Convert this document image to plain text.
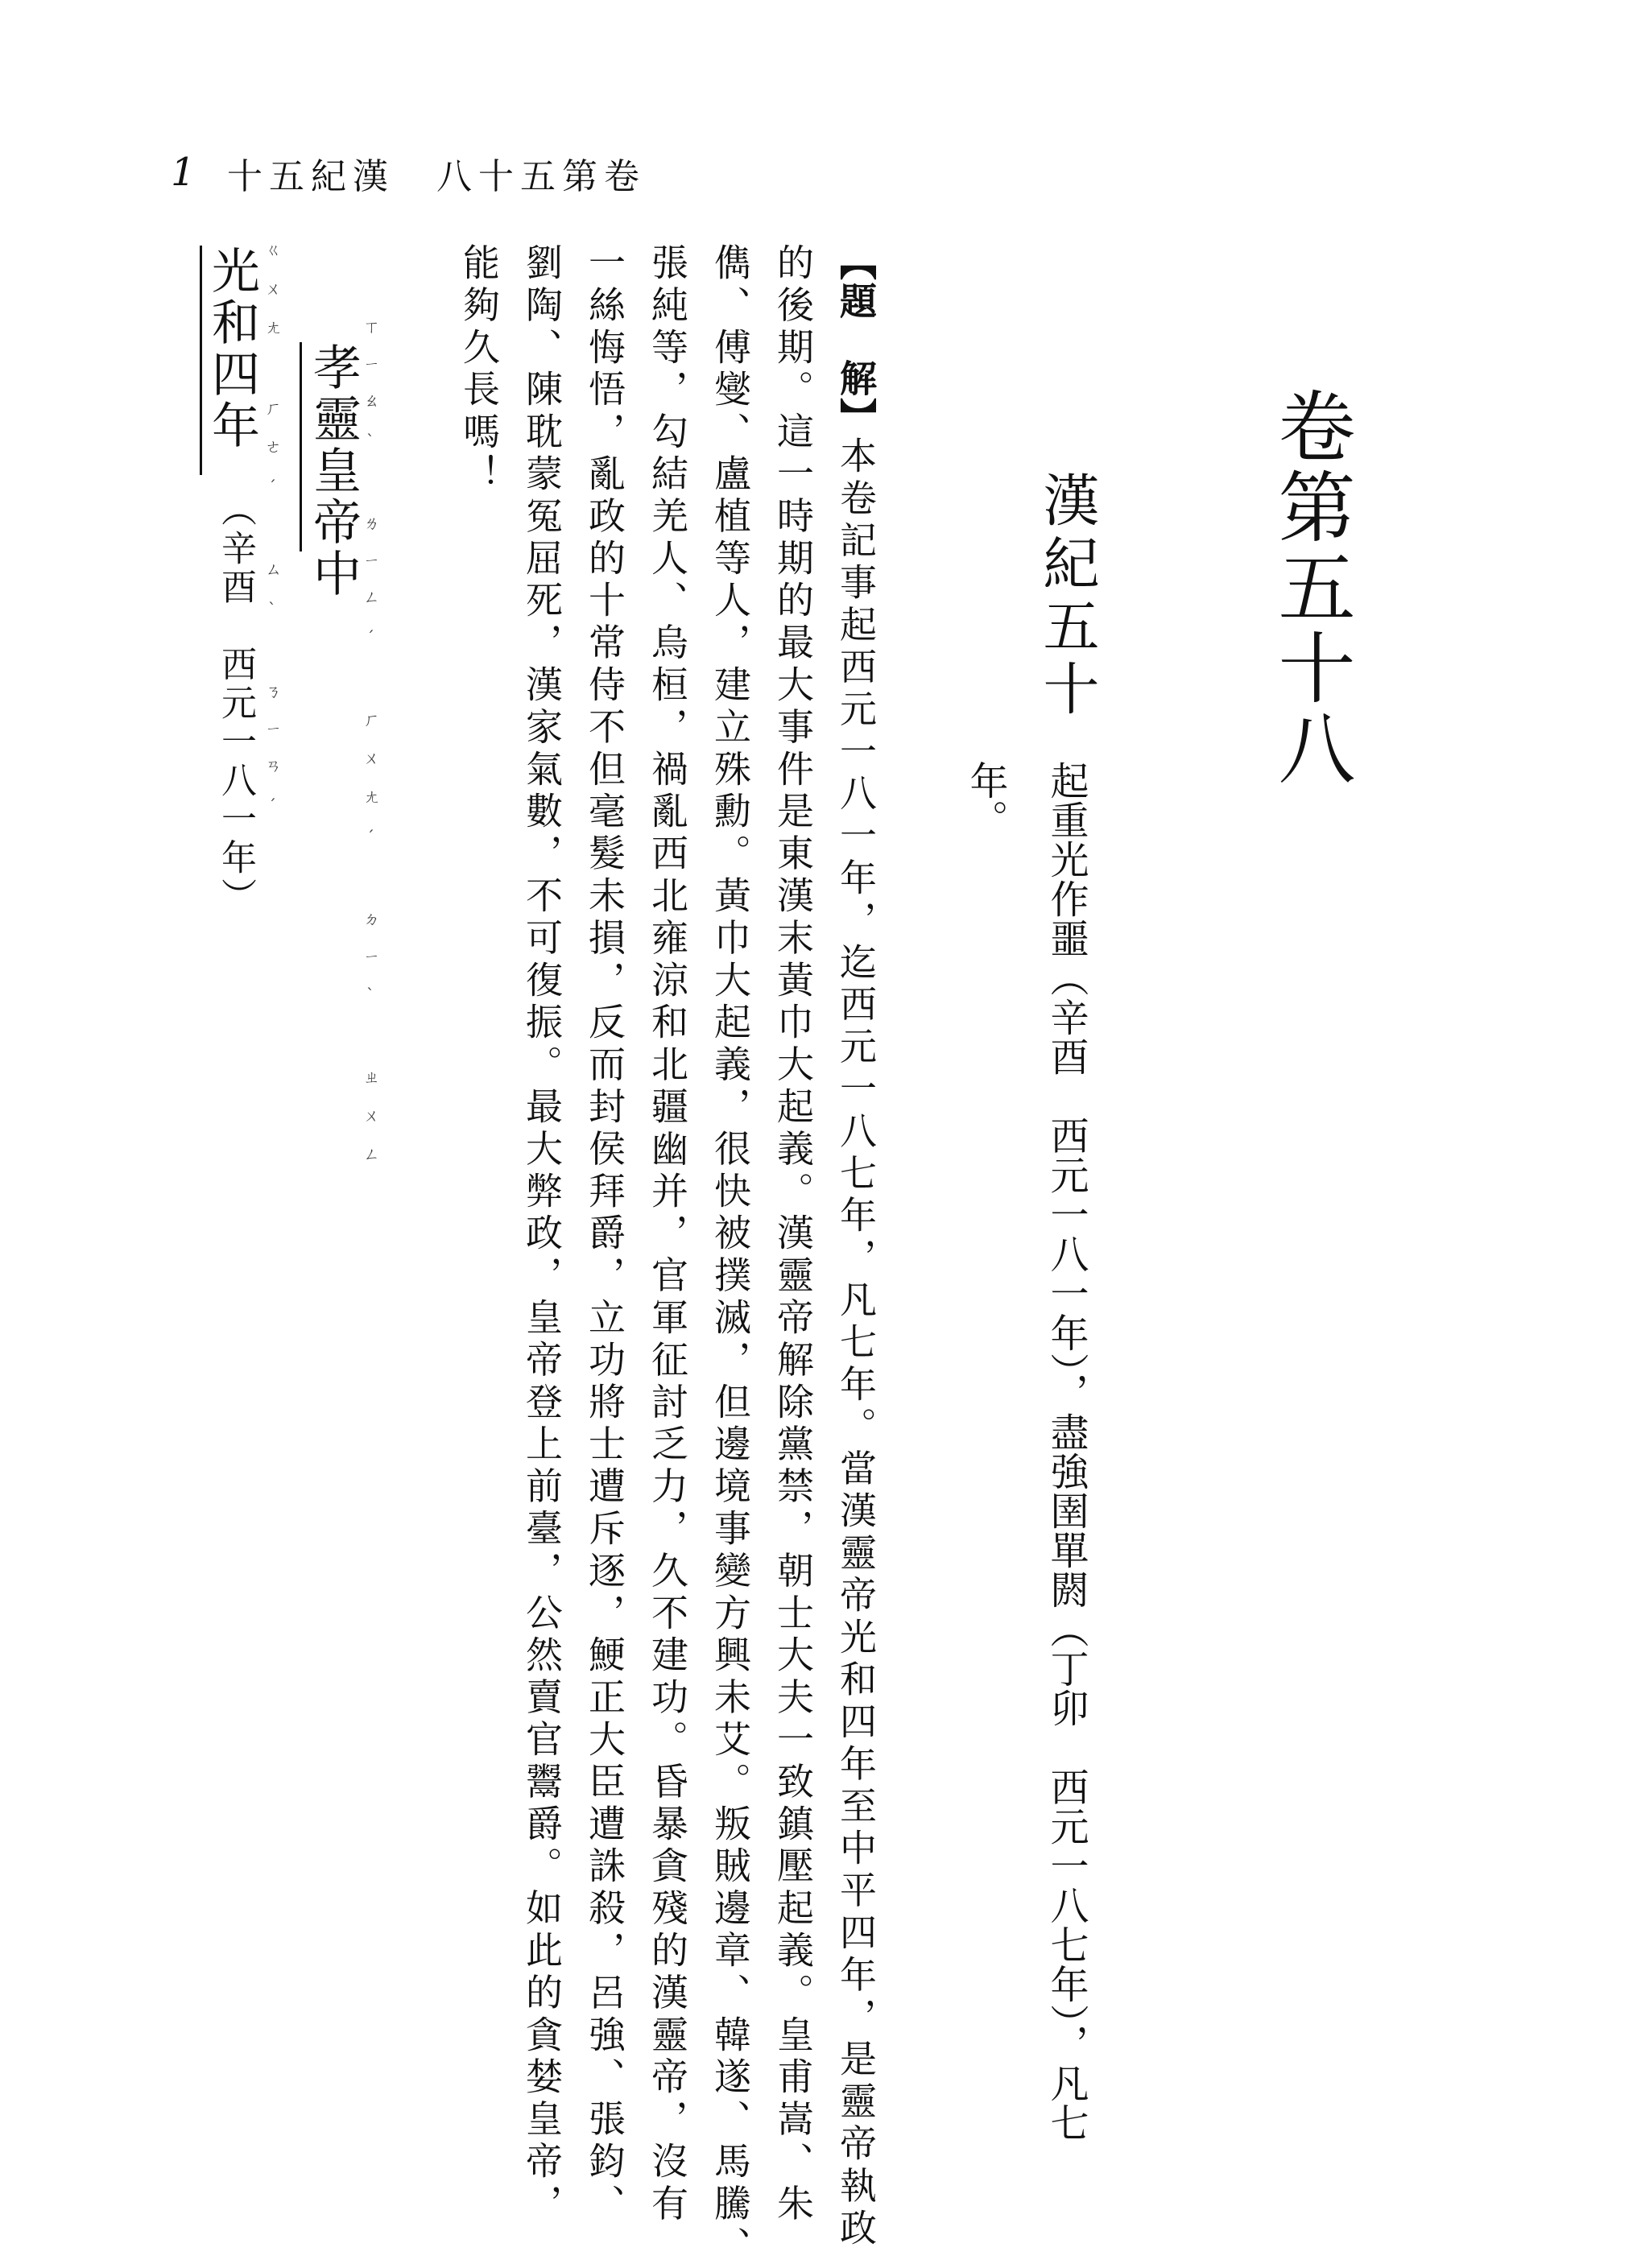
1 十五紀漢　八十五第卷
卷第五十八
漢紀五十
起重光作噩（辛酉　西元一八一年），盡強圉單閼（丁卯　西元一八七年），凡七
年。
【題　解】本卷記事起西元一八一年，迄西元一八七年，凡七年。當漢靈帝光和四年至中平四年，是靈帝執政
的後期。這一時期的最大事件是東漢末黃巾大起義。漢靈帝解除黨禁，朝士大夫一致鎮壓起義。皇甫嵩、朱
儁、傅燮、盧植等人，建立殊勳。黃巾大起義，很快被撲滅，但邊境事變方興未艾。叛賊邊章、韓遂、馬騰、
張純等，勾結羌人、烏桓，禍亂西北雍涼和北疆幽并，官軍征討乏力，久不建功。昏暴貪殘的漢靈帝，沒有
一絲悔悟，亂政的十常侍不但毫髮未損，反而封侯拜爵，立功將士遭斥逐，鯁正大臣遭誅殺，呂強、張鈞、
劉陶、陳耽蒙冤屈死，漢家氣數，不可復振。最大弊政，皇帝登上前臺，公然賣官鬻爵。如此的貪婪皇帝，
能夠久長嗎！
孝靈皇帝中 ㄒㄧㄠˋ ㄌㄧㄥˊ ㄏㄨㄤˊ ㄉㄧˋ ㄓㄨㄥ
光和四年 ㄍㄨㄤ ㄏㄜˊ ㄙˋ ㄋㄧㄢˊ
（辛酉　西元一八一年）
